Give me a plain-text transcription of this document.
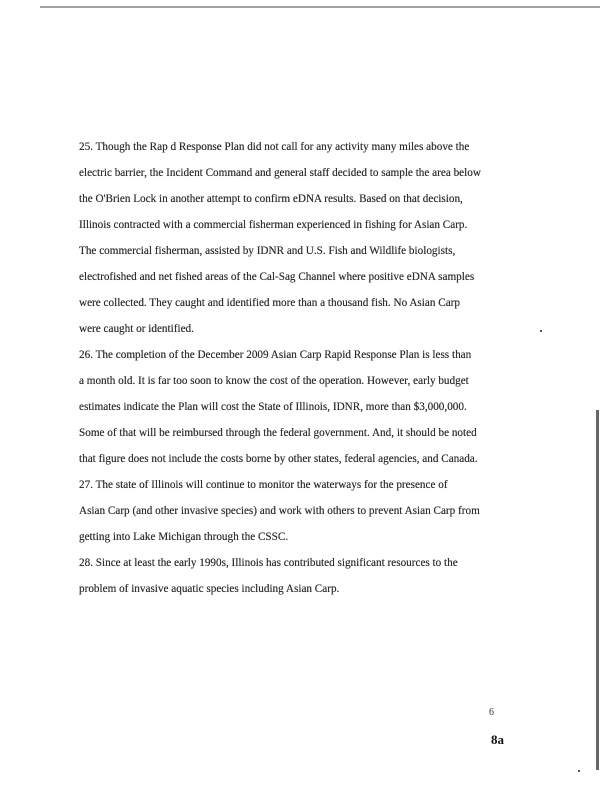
25. Though the Rap d Response Plan did not call for any activity many miles above the
electric barrier, the Incident Command and general staff decided to sample the area below
the O'Brien Lock in another attempt to confirm eDNA results. Based on that decision,
Illinois contracted with a commercial fisherman experienced in fishing for Asian Carp.
The commercial fisherman, assisted by IDNR and U.S. Fish and Wildlife biologists,
electrofished and net fished areas of the Cal-Sag Channel where positive eDNA samples
were collected. They caught and identified more than a thousand fish. No Asian Carp
were caught or identified.
26. The completion of the December 2009 Asian Carp Rapid Response Plan is less than
a month old. It is far too soon to know the cost of the operation. However, early budget
estimates indicate the Plan will cost the State of Illinois, IDNR, more than $3,000,000.
Some of that will be reimbursed through the federal government. And, it should be noted
that figure does not include the costs borne by other states, federal agencies, and Canada.
27. The state of Illinois will continue to monitor the waterways for the presence of
Asian Carp (and other invasive species) and work with others to prevent Asian Carp from
getting into Lake Michigan through the CSSC.
28. Since at least the early 1990s, Illinois has contributed significant resources to the
problem of invasive aquatic species including Asian Carp.
6
8a
